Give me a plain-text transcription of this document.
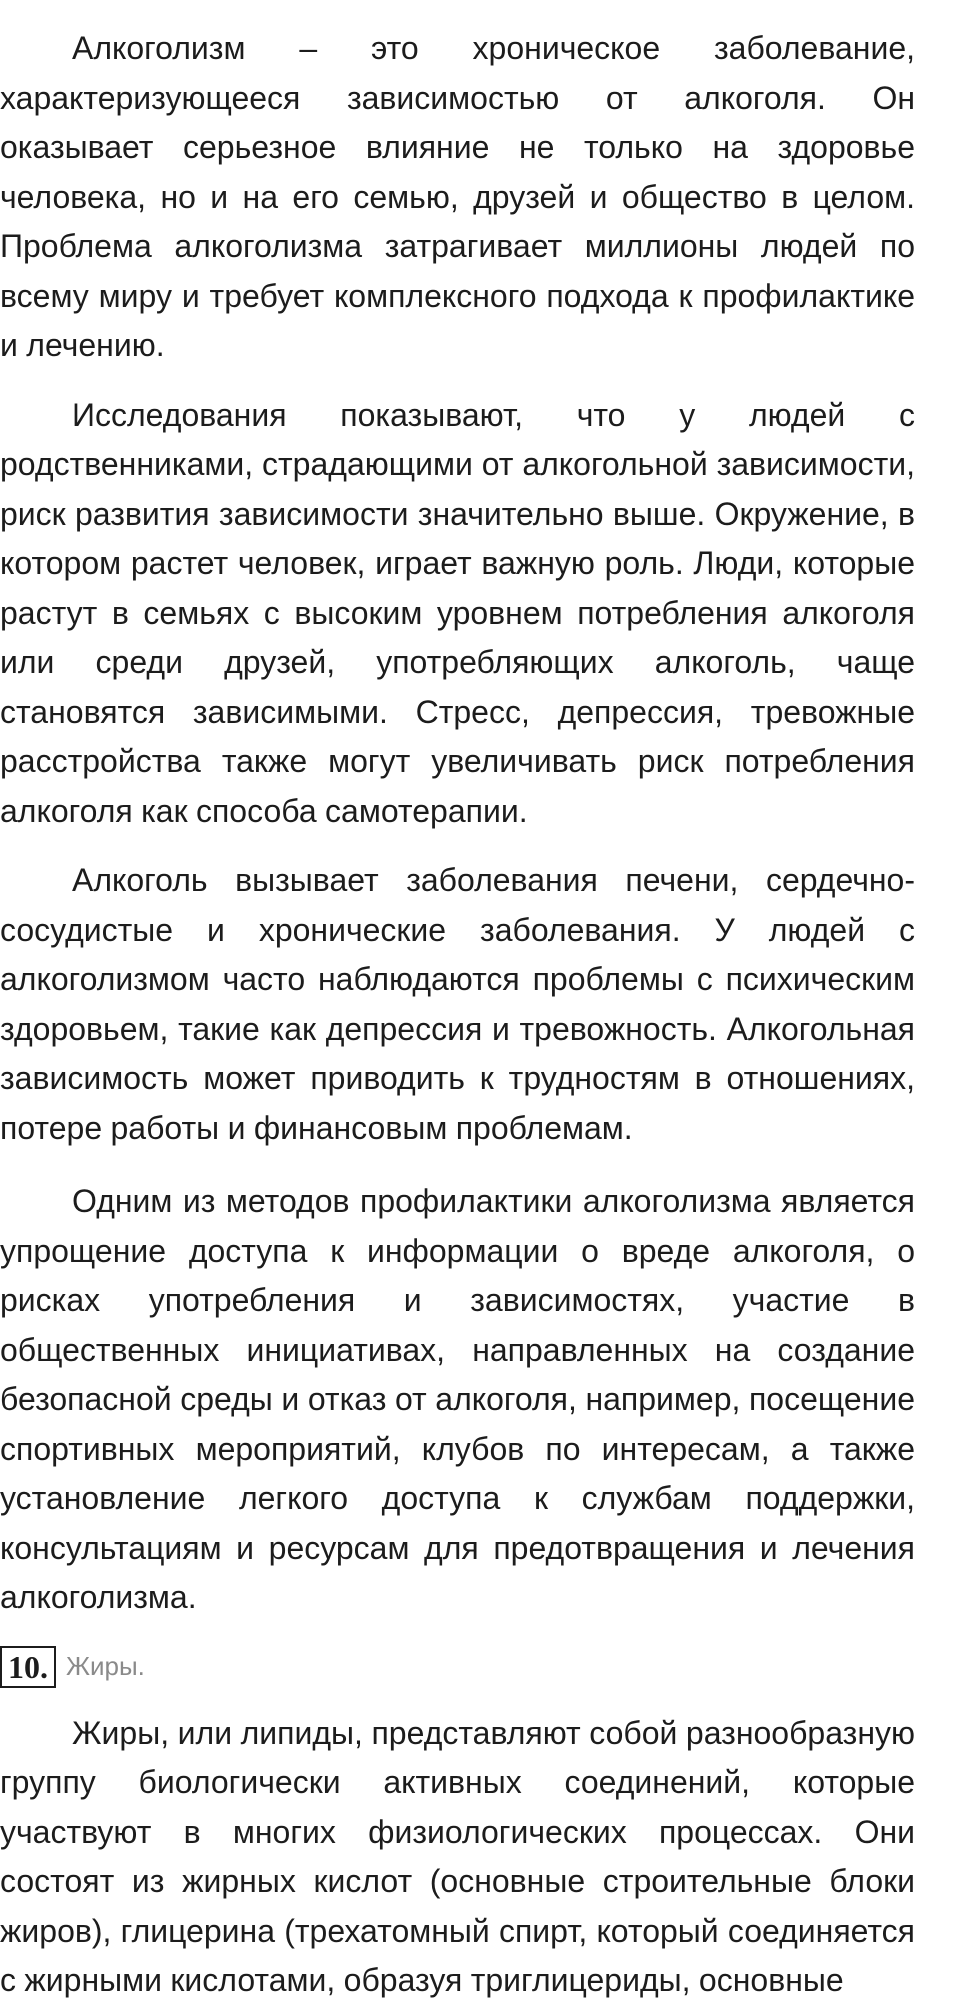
Алкоголизм – это хроническое заболевание, характеризующееся зависимостью от алкоголя. Он оказывает серьезное влияние не только на здоровье человека, но и на его семью, друзей и общество в целом. Проблема алкоголизма затрагивает миллионы людей по всему миру и требует комплексного подхода к профилактике и лечению.

Исследования показывают, что у людей с родственниками, страдающими от алкогольной зависимости, риск развития зависимости значительно выше. Окружение, в котором растет человек, играет важную роль. Люди, которые растут в семьях с высоким уровнем потребления алкоголя или среди друзей, употребляющих алкоголь, чаще становятся зависимыми. Стресс, депрессия, тревожные расстройства также могут увеличивать риск потребления алкоголя как способа самотерапии.

Алкоголь вызывает заболевания печени, сердечно-сосудистые и хронические заболевания. У людей с алкоголизмом часто наблюдаются проблемы с психическим здоровьем, такие как депрессия и тревожность. Алкогольная зависимость может приводить к трудностям в отношениях, потере работы и финансовым проблемам.

Одним из методов профилактики алкоголизма является упрощение доступа к информации о вреде алкоголя, о рисках употребления и зависимостях, участие в общественных инициативах, направленных на создание безопасной среды и отказ от алкоголя, например, посещение спортивных мероприятий, клубов по интересам, а также установление легкого доступа к службам поддержки, консультациям и ресурсам для предотвращения и лечения алкоголизма.

10. Жиры.

Жиры, или липиды, представляют собой разнообразную группу биологически активных соединений, которые участвуют в многих физиологических процессах. Они состоят из жирных кислот (основные строительные блоки жиров), глицерина (трехатомный спирт, который соединяется с жирными кислотами, образуя триглицериды, основные
